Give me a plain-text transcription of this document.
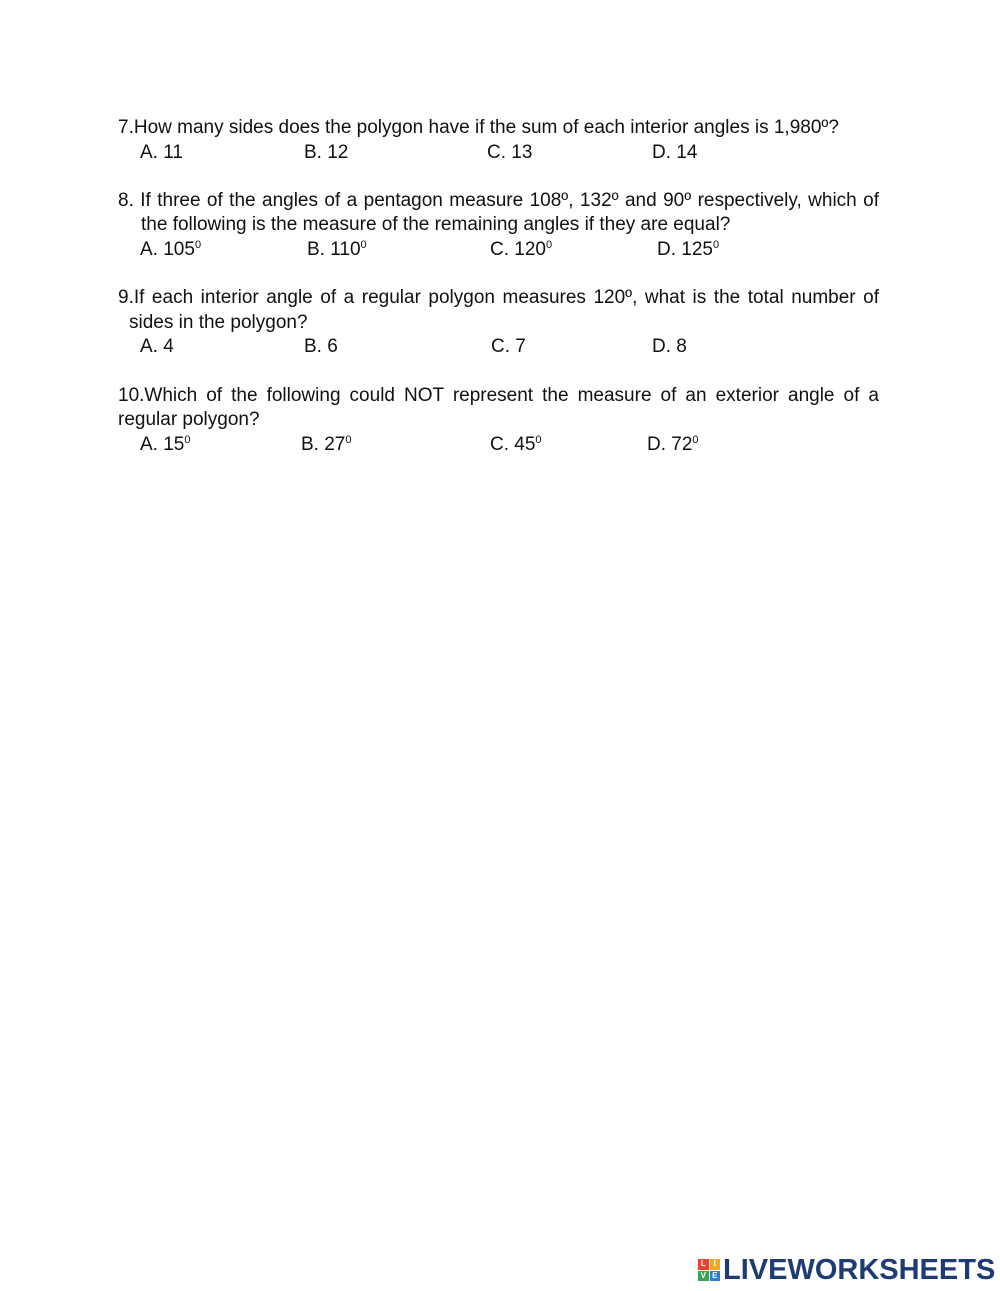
7.How many sides does the polygon have if the sum of each interior angles is 1,980º?
A. 11	B. 12	C. 13	D. 14
8. If three of the angles of a pentagon measure 108º, 132º and 90º respectively, which of
the following is the measure of the remaining angles if they are equal?
A. $105^0$	B. $110^0$	C. $120^0$	D. $125^0$
9.If each interior angle of a regular polygon measures 120º, what is the total number of
sides in the polygon?
A. 4	B. 6	C. 7	D. 8
10.Which of the following could NOT represent the measure of an exterior angle of a
regular polygon?
A. $15^0$	B. $27^0$	C. $45^0$	D. $72^0$
L I
V E LIVEWORKSHEETS
